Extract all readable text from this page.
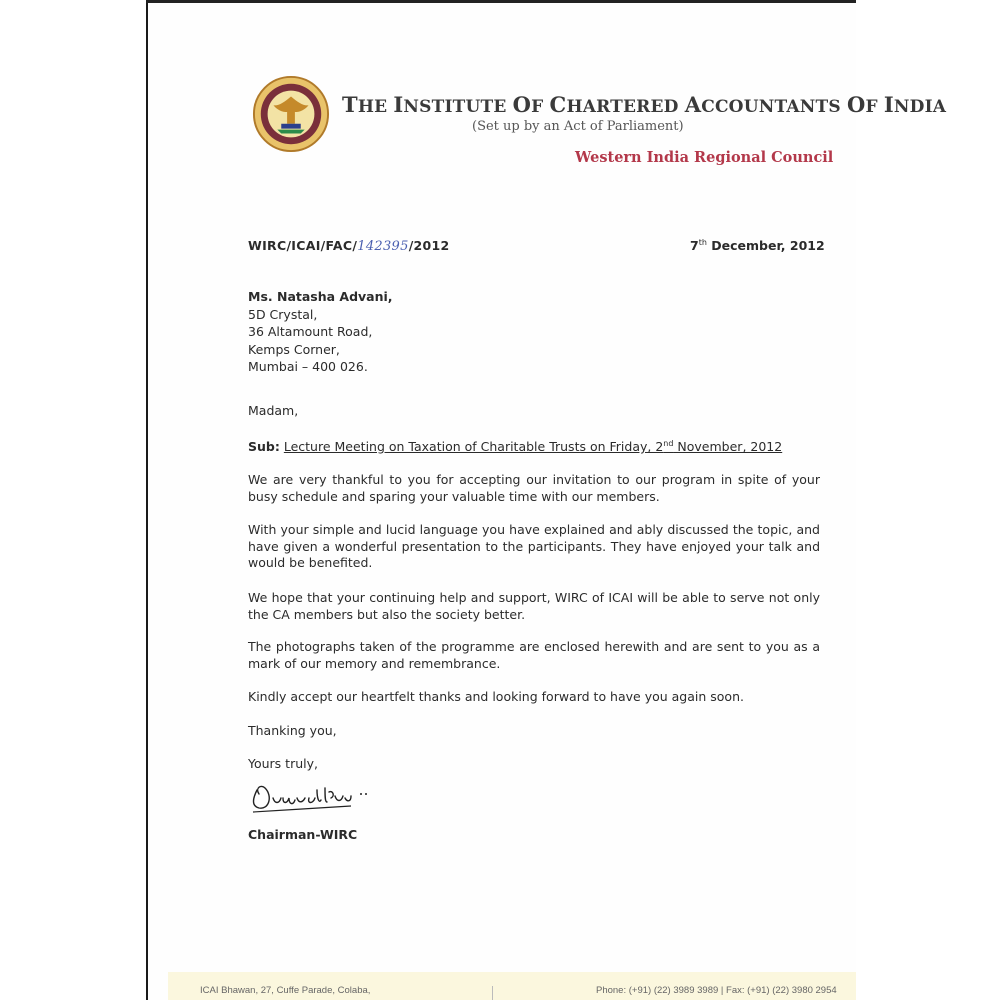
THE INSTITUTE OF CHARTERED ACCOUNTANTS OF INDIA
(Set up by an Act of Parliament)
Western India Regional Council
WIRC/ICAI/FAC/142395/2012	7th December, 2012
Ms. Natasha Advani,
5D Crystal,
36 Altamount Road,
Kemps Corner,
Mumbai – 400 026.
Madam,
Sub: Lecture Meeting on Taxation of Charitable Trusts on Friday, 2nd November, 2012
We are very thankful to you for accepting our invitation to our program in spite of your busy schedule and sparing your valuable time with our members.
With your simple and lucid language you have explained and ably discussed the topic, and have given a wonderful presentation to the participants. They have enjoyed your talk and would be benefited.
We hope that your continuing help and support, WIRC of ICAI will be able to serve not only the CA members but also the society better.
The photographs taken of the programme are enclosed herewith and are sent to you as a mark of our memory and remembrance.
Kindly accept our heartfelt thanks and looking forward to have you again soon.
Thanking you,
Yours truly,
Chairman-WIRC
ICAI Bhawan, 27, Cuffe Parade, Colaba,	Phone: (+91) (22) 3989 3989 | Fax: (+91) (22) 3980 2954
